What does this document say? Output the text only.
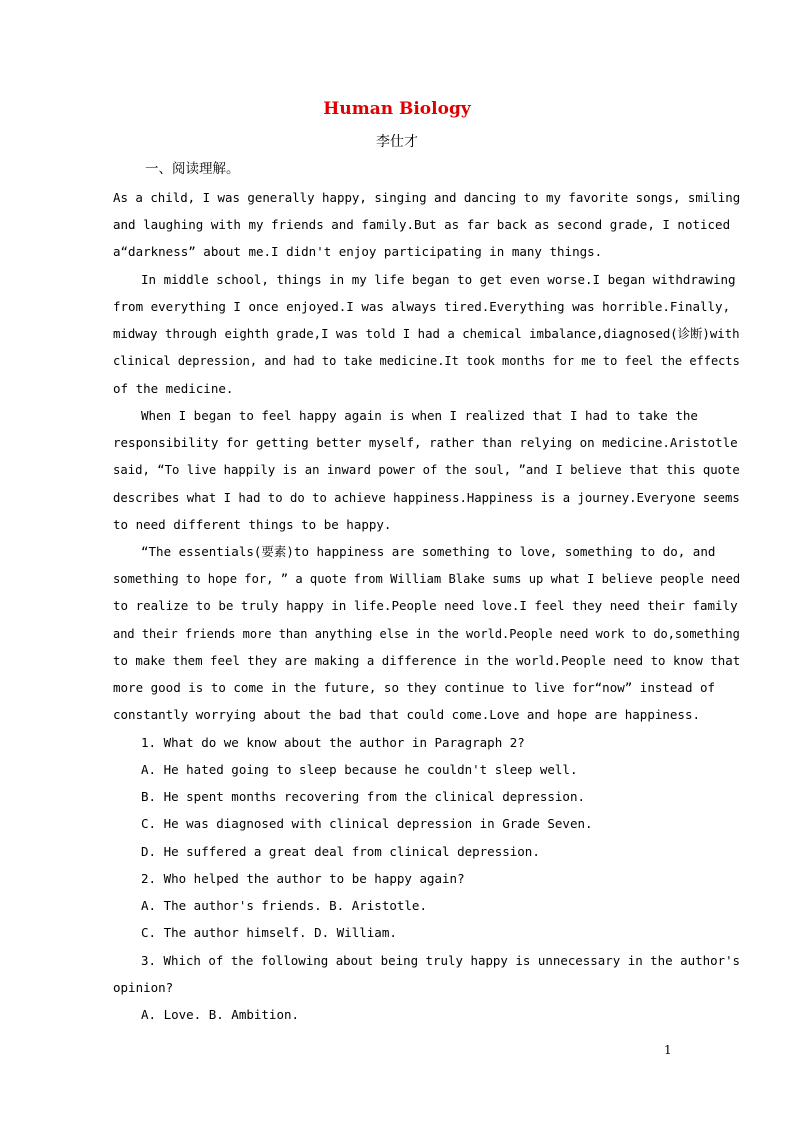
Human Biology
李仕才
一、阅读理解。
As a child, I was generally happy, singing and dancing to my favorite songs, smiling
and laughing with my friends and family.But as far back as second grade, I noticed
a“darkness” about me.I didn't enjoy participating in many things.
In middle school, things in my life began to get even worse.I began withdrawing
from everything I once enjoyed.I was always tired.Everything was horrible.Finally,
midway through eighth grade,I was told I had a chemical imbalance,diagnosed(诊断)with
clinical depression, and had to take medicine.It took months for me to feel the effects
of the medicine.
When I began to feel happy again is when I realized that I had to take the
responsibility for getting better myself, rather than relying on medicine.Aristotle
said, “To live happily is an inward power of the soul, ”and I believe that this quote
describes what I had to do to achieve happiness.Happiness is a journey.Everyone seems
to need different things to be happy.
“The essentials(要素)to happiness are something to love, something to do, and
something to hope for, ” a quote from William Blake sums up what I believe people need
to realize to be truly happy in life.People need love.I feel they need their family
and their friends more than anything else in the world.People need work to do,something
to make them feel they are making a difference in the world.People need to know that
more good is to come in the future, so they continue to live for“now” instead of
constantly worrying about the bad that could come.Love and hope are happiness.
1. What do we know about the author in Paragraph 2?
A. He hated going to sleep because he couldn't sleep well.
B. He spent months recovering from the clinical depression.
C. He was diagnosed with clinical depression in Grade Seven.
D. He suffered a great deal from clinical depression.
2. Who helped the author to be happy again?
A. The author's friends. B. Aristotle.
C. The author himself. D. William.
3. Which of the following about being truly happy is unnecessary in the author's
opinion?
A. Love. B. Ambition.
1
